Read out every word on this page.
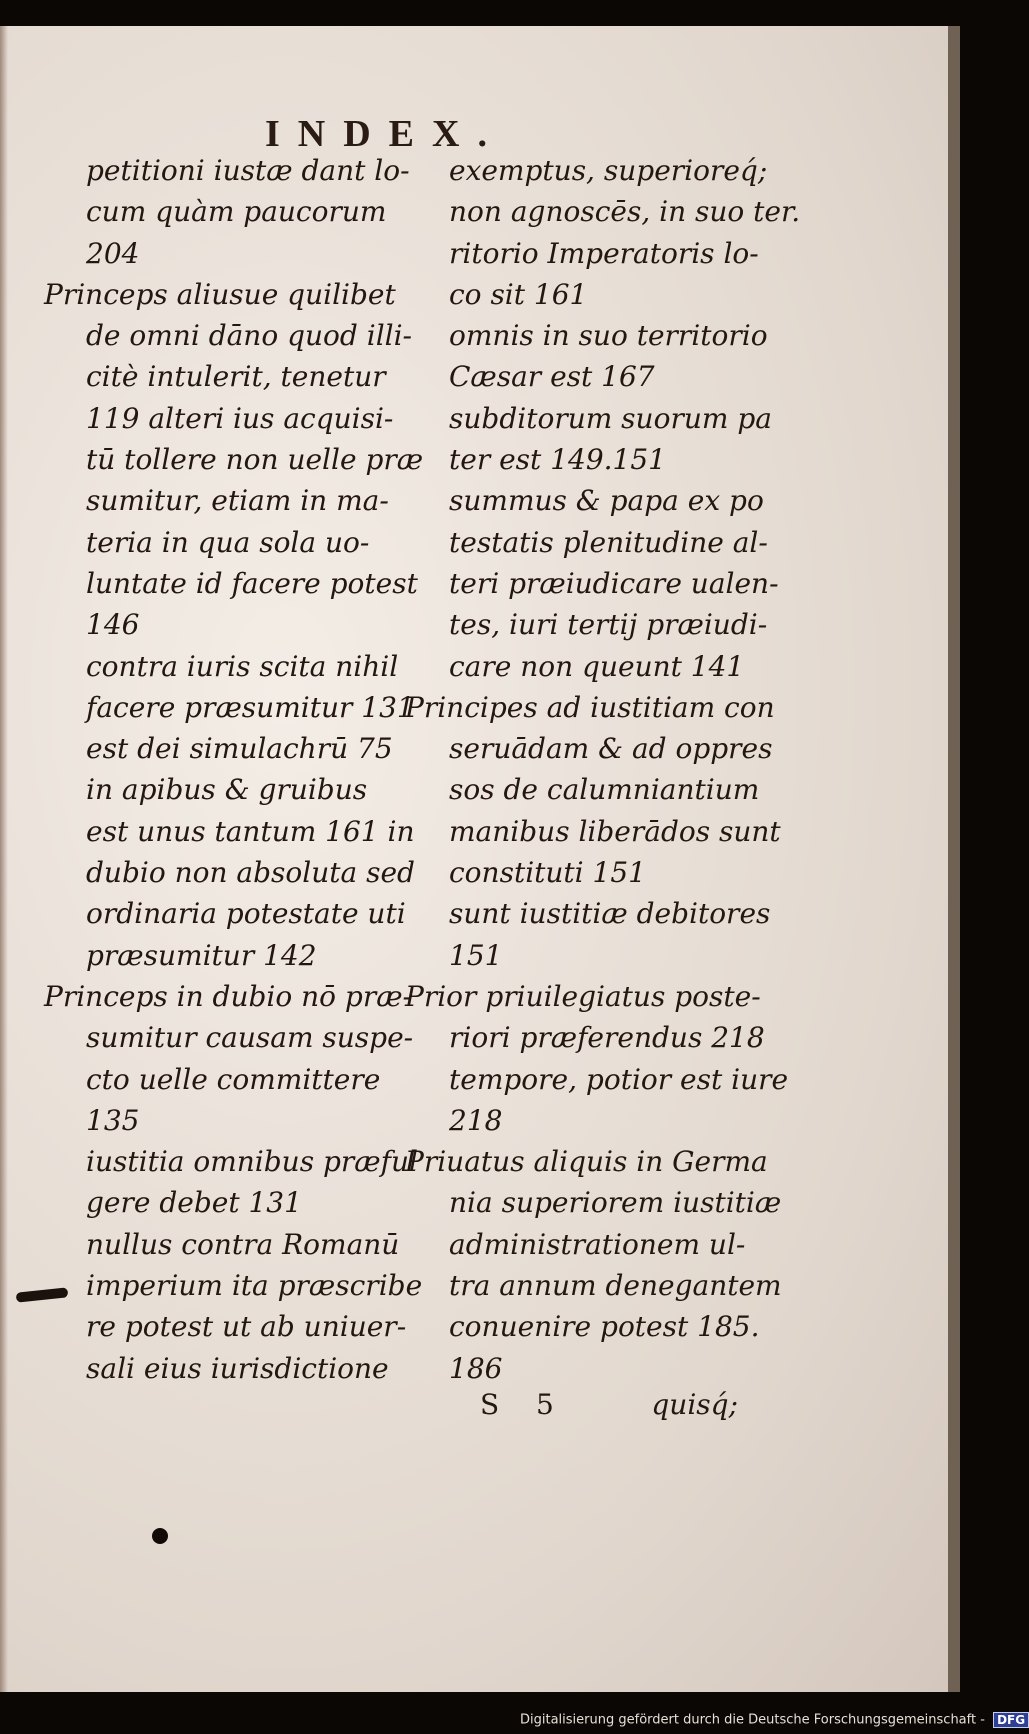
INDEX.
petitioni iustæ dant lo-
cum quàm paucorum
204
Princeps aliusue quilibet
de omni dāno quod illi-
citè intulerit, tenetur
119 alteri ius acquisi-
tū tollere non uelle præ
sumitur, etiam in ma-
teria in qua sola uo-
luntate id facere potest
146
contra iuris scita nihil
facere præsumitur 131
est dei simulachrū 75
in apibus & gruibus
est unus tantum 161 in
dubio non absoluta sed
ordinaria potestate uti
præsumitur 142
Princeps in dubio nō præ-
sumitur causam suspe-
cto uelle committere
135
iustitia omnibus præful
gere debet 131
nullus contra Romanū
imperium ita præscribe
re potest ut ab uniuer-
sali eius iurisdictione
exemptus, superioreq́;
non agnoscēs, in suo ter.
ritorio Imperatoris lo-
co sit 161
omnis in suo territorio
Cæsar est 167
subditorum suorum pa
ter est 149.151
summus & papa ex po
testatis plenitudine al-
teri præiudicare ualen-
tes, iuri tertij præiudi-
care non queunt 141
Principes ad iustitiam con
seruādam & ad oppres
sos de calumniantium
manibus liberādos sunt
constituti 151
sunt iustitiæ debitores
151
Prior priuilegiatus poste-
riori præferendus 218
tempore, potior est iure
218
Priuatus aliquis in Germa
nia superiorem iustitiæ
administrationem ul-
tra annum denegantem
conuenire potest 185.
186
S 5	quisq́;
Digitalisierung gefördert durch die Deutsche Forschungsgemeinschaft - DFG
